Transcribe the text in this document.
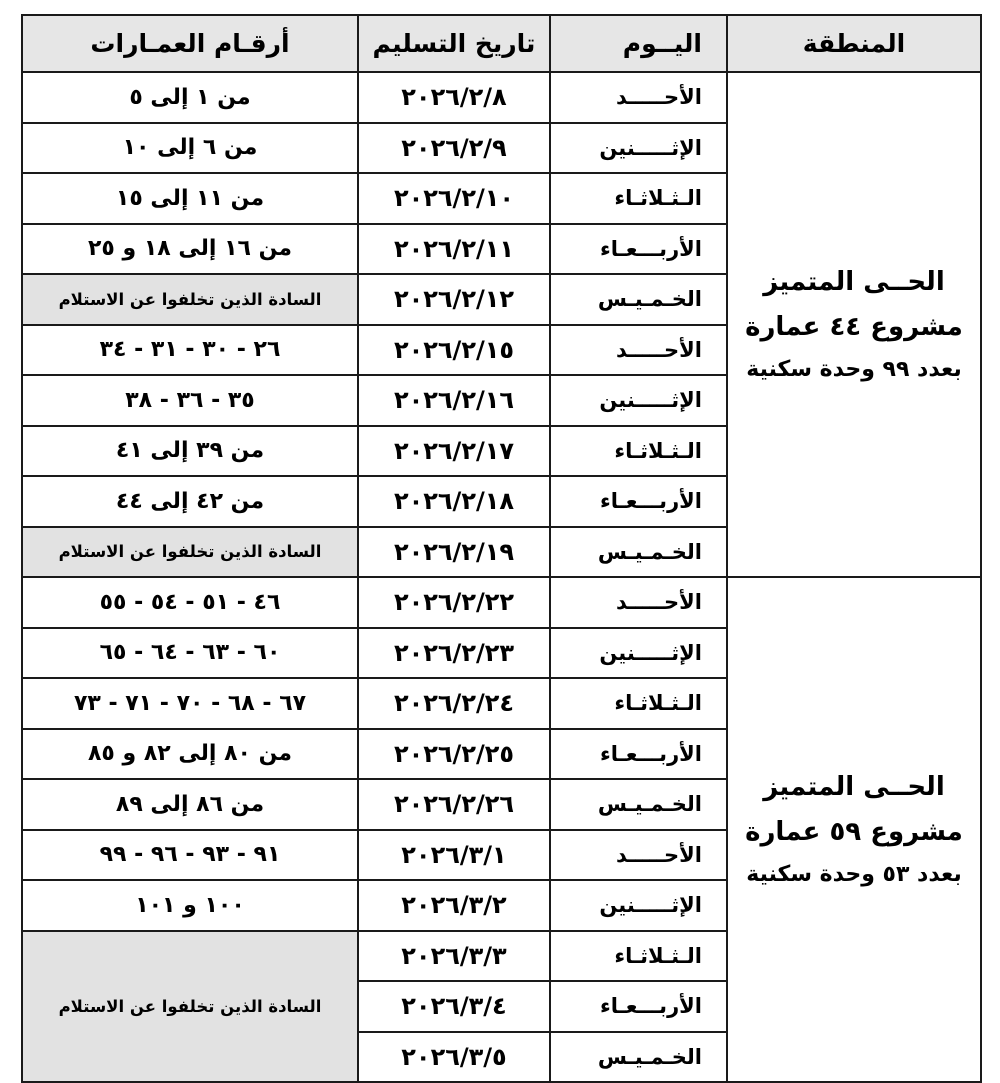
المنطقة	اليــوم	تاريخ التسليم	أرقـام العمـارات

الحــى المتميز
مشروع ٤٤ عمارة
بعدد ٩٩ وحدة سكنية	الأحـــــد	٢٠٢٦/٢/٨	من ١ إلى ٥
	الإثـــــنين	٢٠٢٦/٢/٩	من ٦ إلى ١٠
	الـثـلاثـاء	٢٠٢٦/٢/١٠	من ١١ إلى ١٥
	الأربـــعـاء	٢٠٢٦/٢/١١	من ١٦ إلى ١٨ و ٢٥
	الخـمـيـس	٢٠٢٦/٢/١٢	السادة الذين تخلفوا عن الاستلام
	الأحـــــد	٢٠٢٦/٢/١٥	٢٦ - ٣٠ - ٣١ - ٣٤
	الإثـــــنين	٢٠٢٦/٢/١٦	٣٥ - ٣٦ - ٣٨
	الـثـلاثـاء	٢٠٢٦/٢/١٧	من ٣٩ إلى ٤١
	الأربـــعـاء	٢٠٢٦/٢/١٨	من ٤٢ إلى ٤٤
	الخـمـيـس	٢٠٢٦/٢/١٩	السادة الذين تخلفوا عن الاستلام

الحــى المتميز
مشروع ٥٩ عمارة
بعدد ٥٣ وحدة سكنية	الأحـــــد	٢٠٢٦/٢/٢٢	٤٦ - ٥١ - ٥٤ - ٥٥
	الإثـــــنين	٢٠٢٦/٢/٢٣	٦٠ - ٦٣ - ٦٤ - ٦٥
	الـثـلاثـاء	٢٠٢٦/٢/٢٤	٦٧ - ٦٨ - ٧٠ - ٧١ - ٧٣
	الأربـــعـاء	٢٠٢٦/٢/٢٥	من ٨٠ إلى ٨٢ و ٨٥
	الخـمـيـس	٢٠٢٦/٢/٢٦	من ٨٦ إلى ٨٩
	الأحـــــد	٢٠٢٦/٣/١	٩١ - ٩٣ - ٩٦ - ٩٩
	الإثـــــنين	٢٠٢٦/٣/٢	١٠٠ و ١٠١
	الـثـلاثـاء	٢٠٢٦/٣/٣	السادة الذين تخلفوا عن الاستلام
	الأربـــعـاء	٢٠٢٦/٣/٤	
	الخـمـيـس	٢٠٢٦/٣/٥	
